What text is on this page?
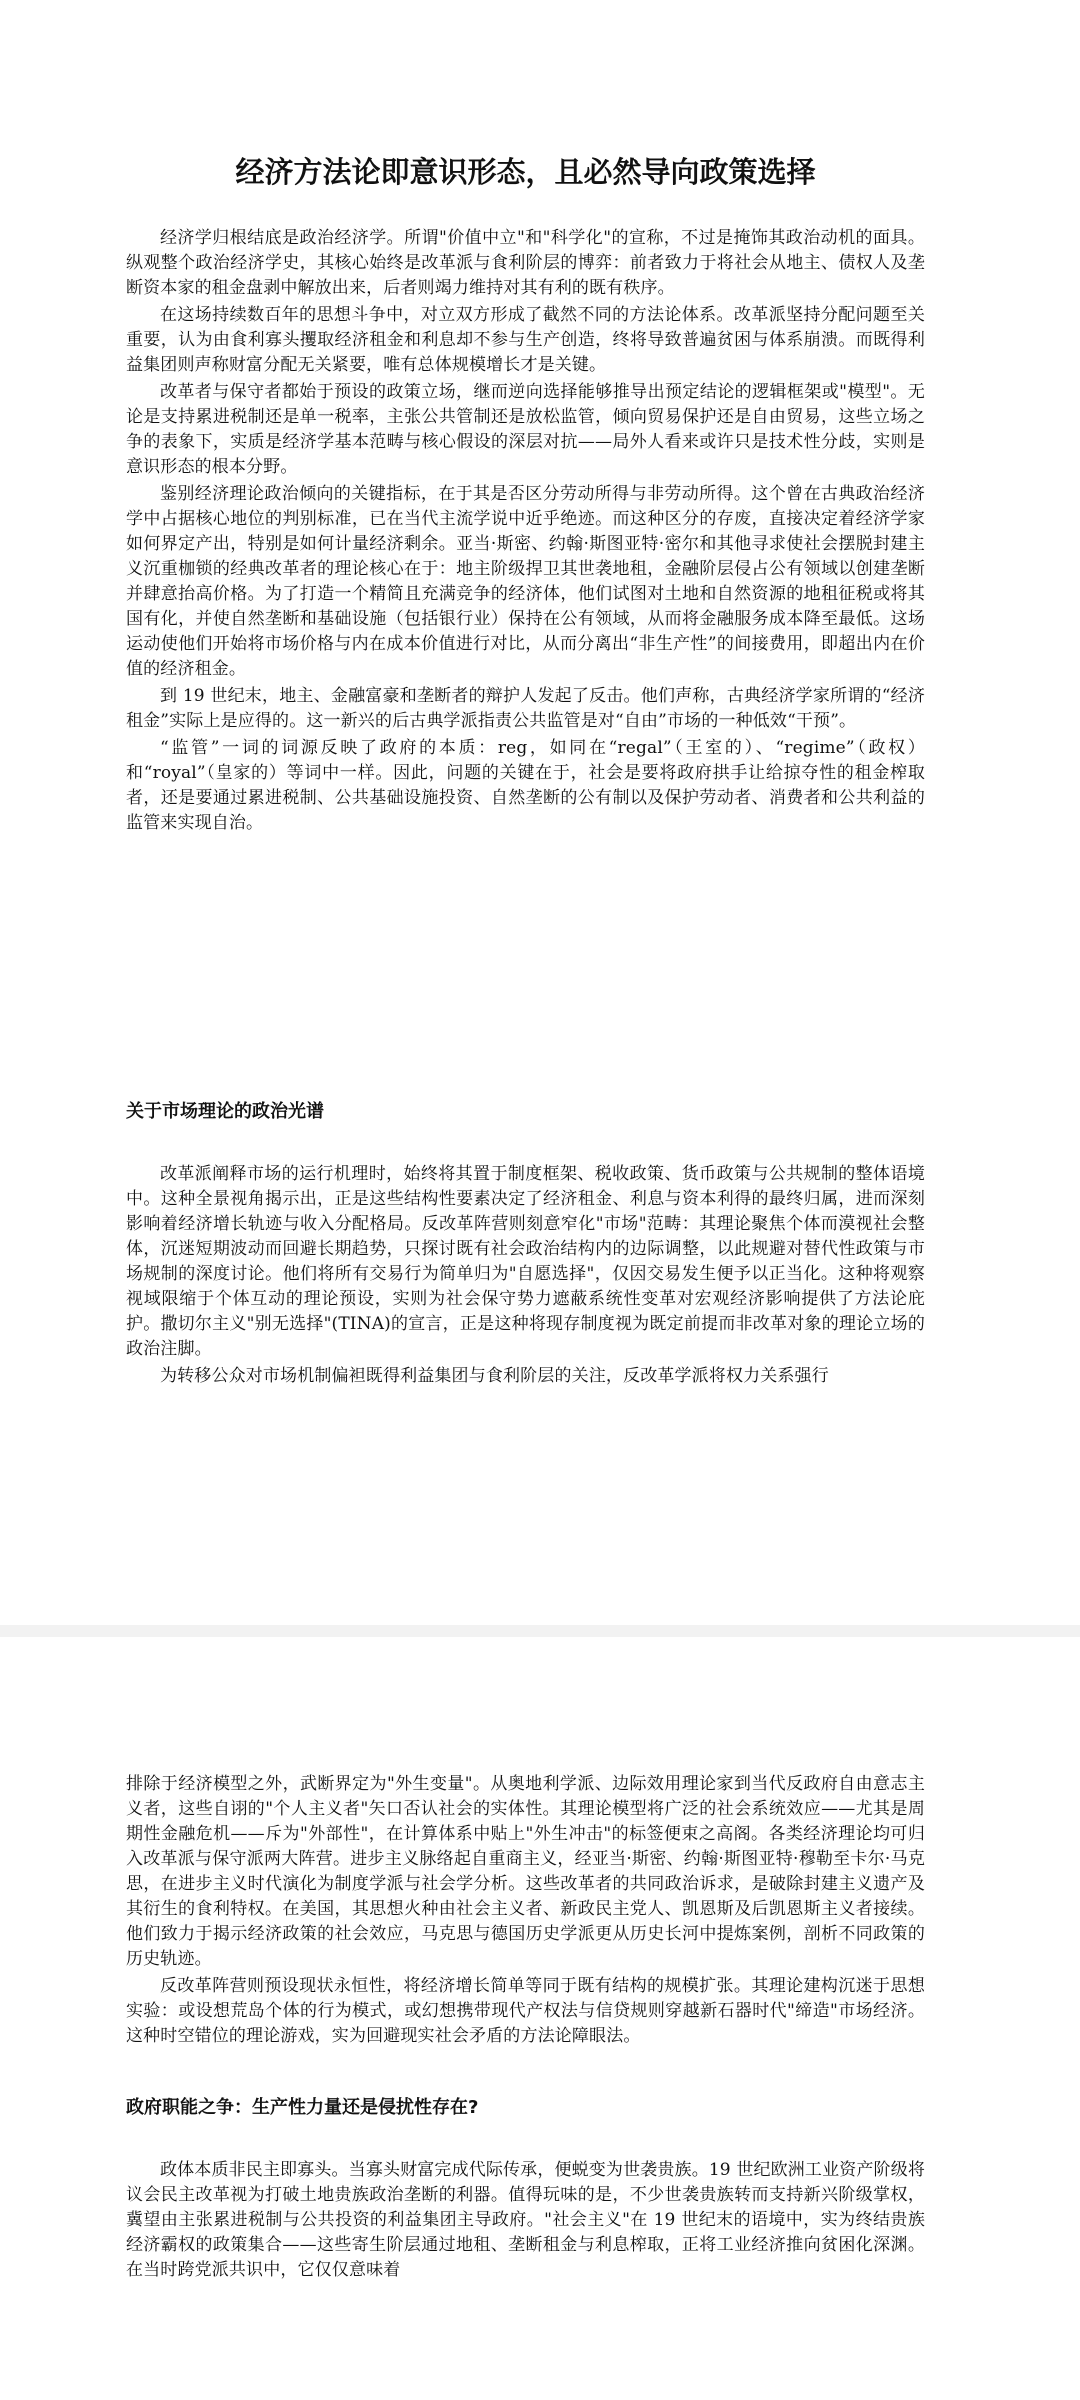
经济方法论即意识形态，且必然导向政策选择

经济学归根结底是政治经济学。所谓"价值中立"和"科学化"的宣称，不过是掩饰其政治动机的面具。纵观整个政治经济学史，其核心始终是改革派与食利阶层的博弈：前者致力于将社会从地主、债权人及垄断资本家的租金盘剥中解放出来，后者则竭力维持对其有利的既有秩序。

在这场持续数百年的思想斗争中，对立双方形成了截然不同的方法论体系。改革派坚持分配问题至关重要，认为由食利寡头攫取经济租金和利息却不参与生产创造，终将导致普遍贫困与体系崩溃。而既得利益集团则声称财富分配无关紧要，唯有总体规模增长才是关键。

改革者与保守者都始于预设的政策立场，继而逆向选择能够推导出预定结论的逻辑框架或"模型"。无论是支持累进税制还是单一税率，主张公共管制还是放松监管，倾向贸易保护还是自由贸易，这些立场之争的表象下，实质是经济学基本范畴与核心假设的深层对抗——局外人看来或许只是技术性分歧，实则是意识形态的根本分野。

鉴别经济理论政治倾向的关键指标，在于其是否区分劳动所得与非劳动所得。这个曾在古典政治经济学中占据核心地位的判别标准，已在当代主流学说中近乎绝迹。而这种区分的存废，直接决定着经济学家如何界定产出，特别是如何计量经济剩余。亚当·斯密、约翰·斯图亚特·密尔和其他寻求使社会摆脱封建主义沉重枷锁的经典改革者的理论核心在于：地主阶级捍卫其世袭地租，金融阶层侵占公有领域以创建垄断并肆意抬高价格。为了打造一个精简且充满竞争的经济体，他们试图对土地和自然资源的地租征税或将其国有化，并使自然垄断和基础设施（包括银行业）保持在公有领域，从而将金融服务成本降至最低。这场运动使他们开始将市场价格与内在成本价值进行对比，从而分离出“非生产性”的间接费用，即超出内在价值的经济租金。

到 19 世纪末，地主、金融富豪和垄断者的辩护人发起了反击。他们声称，古典经济学家所谓的“经济租金”实际上是应得的。这一新兴的后古典学派指责公共监管是对“自由”市场的一种低效“干预”。

“监管”一词的词源反映了政府的本质：reg，如同在“regal”（王室的）、“regime”（政权）和“royal”（皇家的）等词中一样。因此，问题的关键在于，社会是要将政府拱手让给掠夺性的租金榨取者，还是要通过累进税制、公共基础设施投资、自然垄断的公有制以及保护劳动者、消费者和公共利益的监管来实现自治。

关于市场理论的政治光谱

改革派阐释市场的运行机理时，始终将其置于制度框架、税收政策、货币政策与公共规制的整体语境中。这种全景视角揭示出，正是这些结构性要素决定了经济租金、利息与资本利得的最终归属，进而深刻影响着经济增长轨迹与收入分配格局。反改革阵营则刻意窄化"市场"范畴：其理论聚焦个体而漠视社会整体，沉迷短期波动而回避长期趋势，只探讨既有社会政治结构内的边际调整，以此规避对替代性政策与市场规制的深度讨论。他们将所有交易行为简单归为"自愿选择"，仅因交易发生便予以正当化。这种将观察视域限缩于个体互动的理论预设，实则为社会保守势力遮蔽系统性变革对宏观经济影响提供了方法论庇护。撒切尔主义"别无选择"(TINA)的宣言，正是这种将现存制度视为既定前提而非改革对象的理论立场的政治注脚。

为转移公众对市场机制偏袒既得利益集团与食利阶层的关注，反改革学派将权力关系强行

排除于经济模型之外，武断界定为"外生变量"。从奥地利学派、边际效用理论家到当代反政府自由意志主义者，这些自诩的"个人主义者"矢口否认社会的实体性。其理论模型将广泛的社会系统效应——尤其是周期性金融危机——斥为"外部性"，在计算体系中贴上"外生冲击"的标签便束之高阁。各类经济理论均可归入改革派与保守派两大阵营。进步主义脉络起自重商主义，经亚当·斯密、约翰·斯图亚特·穆勒至卡尔·马克思，在进步主义时代演化为制度学派与社会学分析。这些改革者的共同政治诉求，是破除封建主义遗产及其衍生的食利特权。在美国，其思想火种由社会主义者、新政民主党人、凯恩斯及后凯恩斯主义者接续。他们致力于揭示经济政策的社会效应，马克思与德国历史学派更从历史长河中提炼案例，剖析不同政策的历史轨迹。

反改革阵营则预设现状永恒性，将经济增长简单等同于既有结构的规模扩张。其理论建构沉迷于思想实验：或设想荒岛个体的行为模式，或幻想携带现代产权法与信贷规则穿越新石器时代"缔造"市场经济。这种时空错位的理论游戏，实为回避现实社会矛盾的方法论障眼法。

政府职能之争：生产性力量还是侵扰性存在?

政体本质非民主即寡头。当寡头财富完成代际传承，便蜕变为世袭贵族。19 世纪欧洲工业资产阶级将议会民主改革视为打破土地贵族政治垄断的利器。值得玩味的是，不少世袭贵族转而支持新兴阶级掌权，冀望由主张累进税制与公共投资的利益集团主导政府。"社会主义"在 19 世纪末的语境中，实为终结贵族经济霸权的政策集合——这些寄生阶层通过地租、垄断租金与利息榨取，正将工业经济推向贫困化深渊。在当时跨党派共识中，它仅仅意味着
